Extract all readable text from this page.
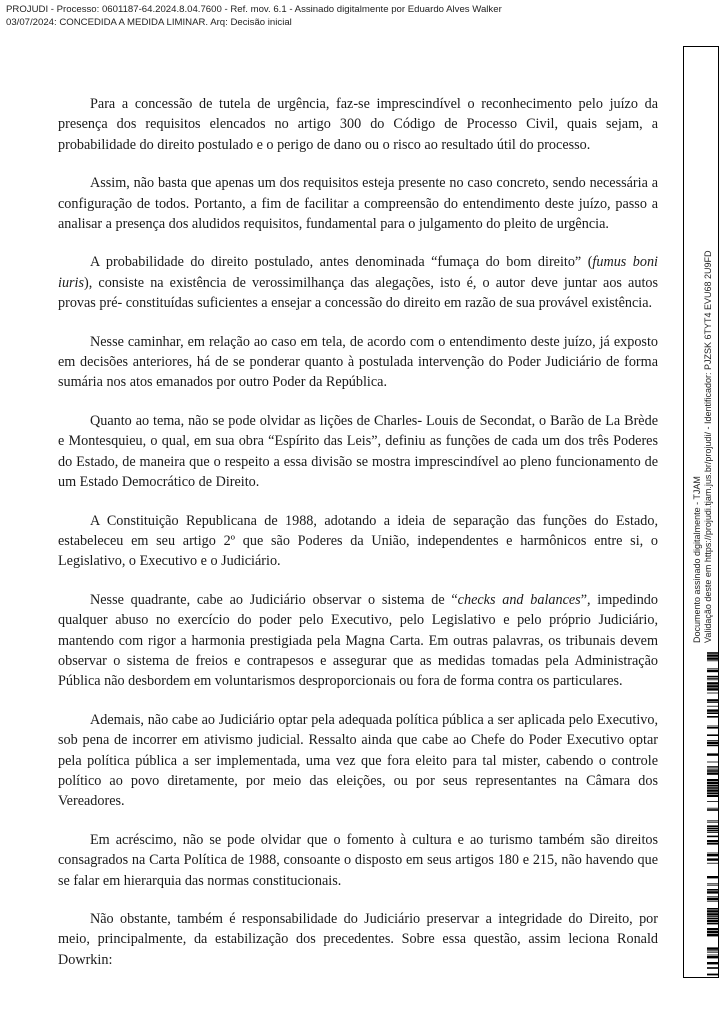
PROJUDI - Processo: 0601187-64.2024.8.04.7600 - Ref. mov. 6.1 - Assinado digitalmente por Eduardo Alves Walker
03/07/2024: CONCEDIDA A MEDIDA LIMINAR. Arq: Decisão inicial

Para a concessão de tutela de urgência, faz-se imprescindível o reconhecimento pelo juízo da presença dos requisitos elencados no artigo 300 do Código de Processo Civil, quais sejam, a probabilidade do direito postulado e o perigo de dano ou o risco ao resultado útil do processo.

Assim, não basta que apenas um dos requisitos esteja presente no caso concreto, sendo necessária a configuração de todos. Portanto, a fim de facilitar a compreensão do entendimento deste juízo, passo a analisar a presença dos aludidos requisitos, fundamental para o julgamento do pleito de urgência.

A probabilidade do direito postulado, antes denominada “fumaça do bom direito” (fumus boni iuris), consiste na existência de verossimilhança das alegações, isto é, o autor deve juntar aos autos provas pré- constituídas suficientes a ensejar a concessão do direito em razão de sua provável existência.

Nesse caminhar, em relação ao caso em tela, de acordo com o entendimento deste juízo, já exposto em decisões anteriores, há de se ponderar quanto à postulada intervenção do Poder Judiciário de forma sumária nos atos emanados por outro Poder da República.

Quanto ao tema, não se pode olvidar as lições de Charles- Louis de Secondat, o Barão de La Brède e Montesquieu, o qual, em sua obra “Espírito das Leis”, definiu as funções de cada um dos três Poderes do Estado, de maneira que o respeito a essa divisão se mostra imprescindível ao pleno funcionamento de um Estado Democrático de Direito.

A Constituição Republicana de 1988, adotando a ideia de separação das funções do Estado, estabeleceu em seu artigo 2º que são Poderes da União, independentes e harmônicos entre si, o Legislativo, o Executivo e o Judiciário.

Nesse quadrante, cabe ao Judiciário observar o sistema de “checks and balances”, impedindo qualquer abuso no exercício do poder pelo Executivo, pelo Legislativo e pelo próprio Judiciário, mantendo com rigor a harmonia prestigiada pela Magna Carta. Em outras palavras, os tribunais devem observar o sistema de freios e contrapesos e assegurar que as medidas tomadas pela Administração Pública não desbordem em voluntarismos desproporcionais ou fora de forma contra os particulares.

Ademais, não cabe ao Judiciário optar pela adequada política pública a ser aplicada pelo Executivo, sob pena de incorrer em ativismo judicial. Ressalto ainda que cabe ao Chefe do Poder Executivo optar pela política pública a ser implementada, uma vez que fora eleito para tal mister, cabendo o controle político ao povo diretamente, por meio das eleições, ou por seus representantes na Câmara dos Vereadores.

Em acréscimo, não se pode olvidar que o fomento à cultura e ao turismo também são direitos consagrados na Carta Política de 1988, consoante o disposto em seus artigos 180 e 215, não havendo que se falar em hierarquia das normas constitucionais.

Não obstante, também é responsabilidade do Judiciário preservar a integridade do Direito, por meio, principalmente, da estabilização dos precedentes. Sobre essa questão, assim leciona Ronald Dowrkin:

Documento assinado digitalmente - TJAM Validação deste em https://projudi.tjam.jus.br/projudi/ - Identificador: PJZSK 6TYT4 EVU68 2U9FD
